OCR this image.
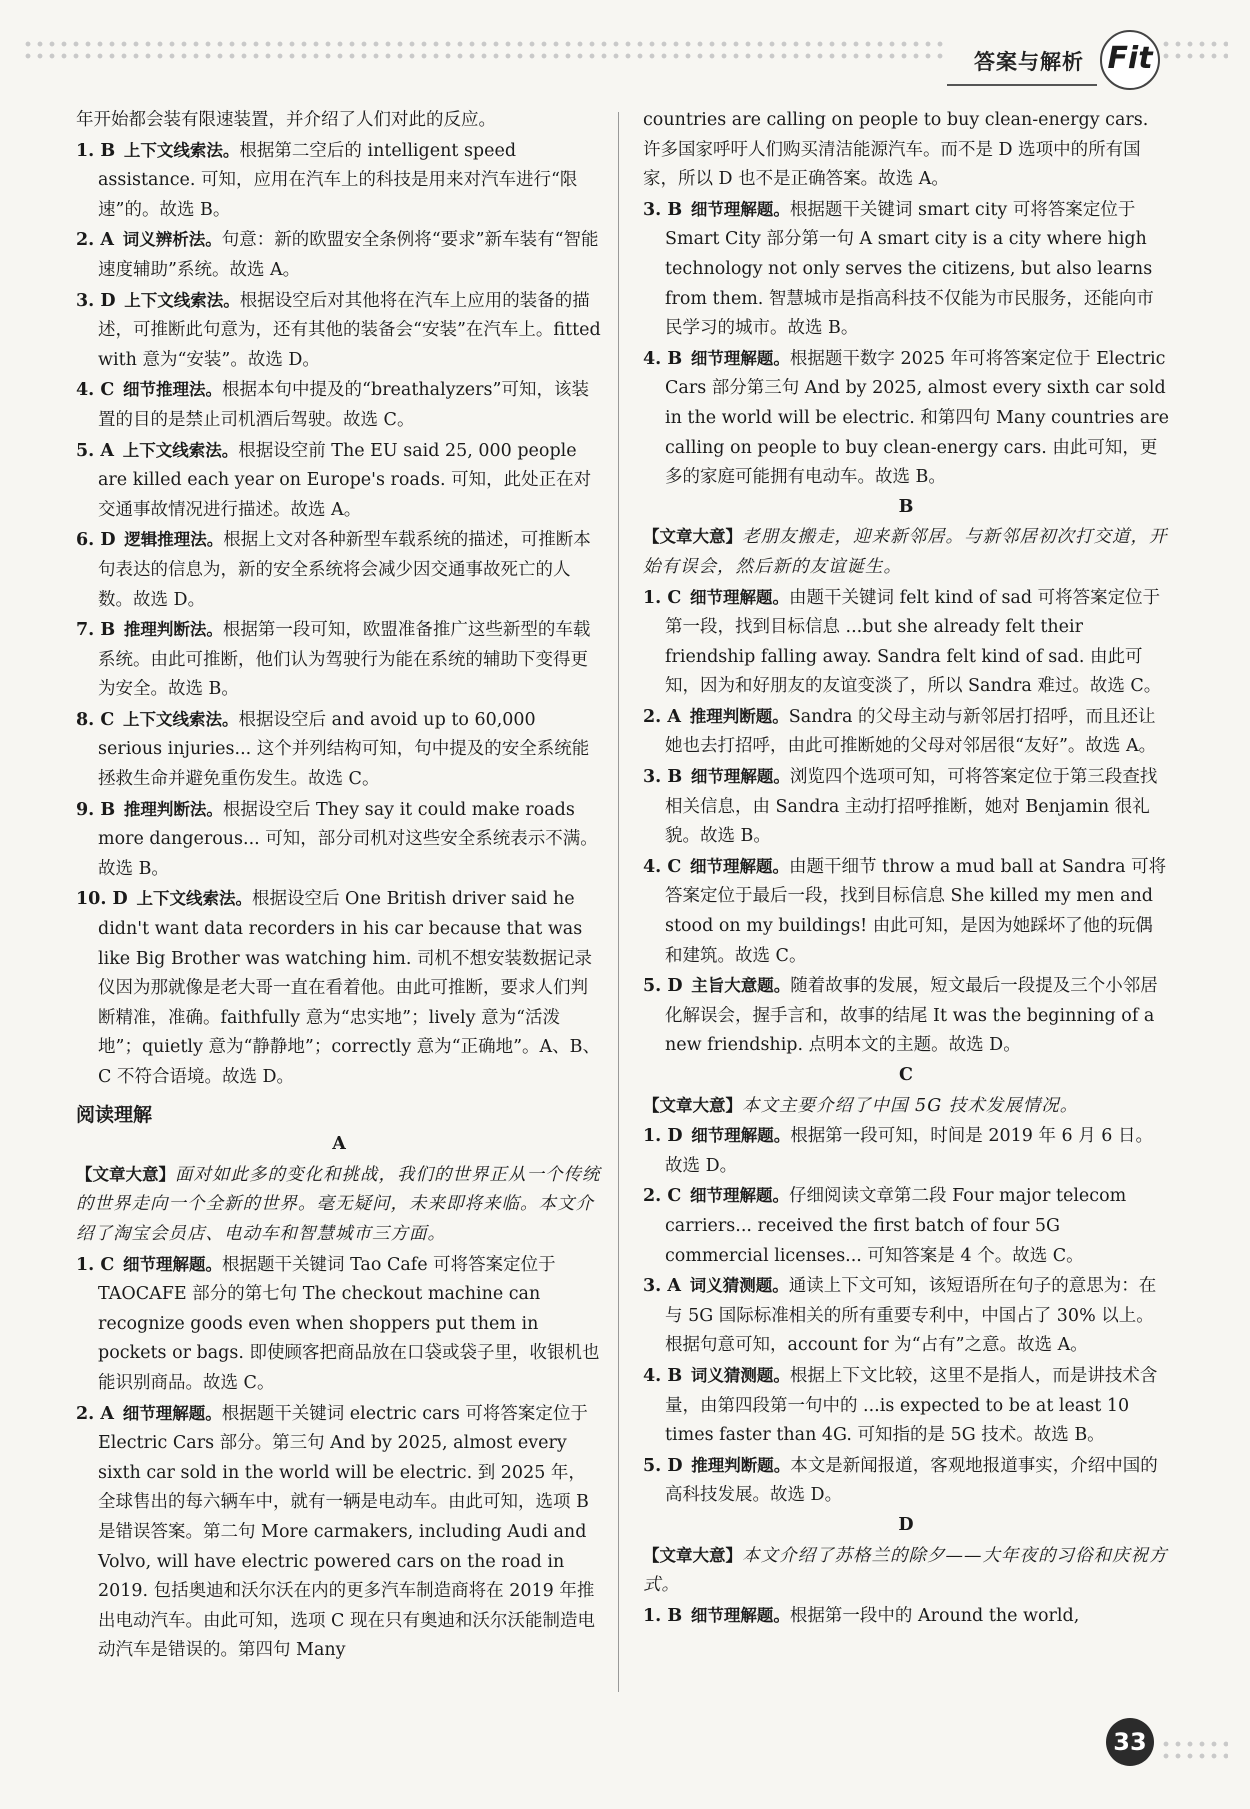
答案与解析 Fit

年开始都会装有限速装置，并介绍了人们对此的反应。

1. B  上下文线索法。根据第二空后的 intelligent speed assistance. 可知，应用在汽车上的科技是用来对汽车进行“限速”的。故选 B。

2. A  词义辨析法。句意：新的欧盟安全条例将“要求”新车装有“智能速度辅助”系统。故选 A。

3. D  上下文线索法。根据设空后对其他将在汽车上应用的装备的描述，可推断此句意为，还有其他的装备会“安装”在汽车上。fitted with 意为“安装”。故选 D。

4. C  细节推理法。根据本句中提及的“breathalyzers”可知，该装置的目的是禁止司机酒后驾驶。故选 C。

5. A  上下文线索法。根据设空前 The EU said 25, 000 people are killed each year on Europe's roads. 可知，此处正在对交通事故情况进行描述。故选 A。

6. D  逻辑推理法。根据上文对各种新型车载系统的描述，可推断本句表达的信息为，新的安全系统将会减少因交通事故死亡的人数。故选 D。

7. B  推理判断法。根据第一段可知，欧盟准备推广这些新型的车载系统。由此可推断，他们认为驾驶行为能在系统的辅助下变得更为安全。故选 B。

8. C  上下文线索法。根据设空后 and avoid up to 60,000 serious injuries... 这个并列结构可知，句中提及的安全系统能拯救生命并避免重伤发生。故选 C。

9. B  推理判断法。根据设空后 They say it could make roads more dangerous... 可知，部分司机对这些安全系统表示不满。故选 B。

10. D  上下文线索法。根据设空后 One British driver said he didn't want data recorders in his car because that was like Big Brother was watching him. 司机不想安装数据记录仪因为那就像是老大哥一直在看着他。由此可推断，要求人们判断精准，准确。faithfully 意为“忠实地”；lively 意为“活泼地”；quietly 意为“静静地”；correctly 意为“正确地”。A、B、C 不符合语境。故选 D。

阅读理解

A

【文章大意】面对如此多的变化和挑战，我们的世界正从一个传统的世界走向一个全新的世界。毫无疑问，未来即将来临。本文介绍了淘宝会员店、电动车和智慧城市三方面。

1. C  细节理解题。根据题干关键词 Tao Cafe 可将答案定位于 TAOCAFE 部分的第七句 The checkout machine can recognize goods even when shoppers put them in pockets or bags. 即使顾客把商品放在口袋或袋子里，收银机也能识别商品。故选 C。

2. A  细节理解题。根据题干关键词 electric cars 可将答案定位于 Electric Cars 部分。第三句 And by 2025, almost every sixth car sold in the world will be electric. 到 2025 年，全球售出的每六辆车中，就有一辆是电动车。由此可知，选项 B 是错误答案。第二句 More carmakers, including Audi and Volvo, will have electric powered cars on the road in 2019. 包括奥迪和沃尔沃在内的更多汽车制造商将在 2019 年推出电动汽车。由此可知，选项 C 现在只有奥迪和沃尔沃能制造电动汽车是错误的。第四句 Many

countries are calling on people to buy clean-energy cars. 许多国家呼吁人们购买清洁能源汽车。而不是 D 选项中的所有国家，所以 D 也不是正确答案。故选 A。

3. B  细节理解题。根据题干关键词 smart city 可将答案定位于 Smart City 部分第一句 A smart city is a city where high technology not only serves the citizens, but also learns from them. 智慧城市是指高科技不仅能为市民服务，还能向市民学习的城市。故选 B。

4. B  细节理解题。根据题干数字 2025 年可将答案定位于 Electric Cars 部分第三句 And by 2025, almost every sixth car sold in the world will be electric. 和第四句 Many countries are calling on people to buy clean-energy cars. 由此可知，更多的家庭可能拥有电动车。故选 B。

B

【文章大意】老朋友搬走，迎来新邻居。与新邻居初次打交道，开始有误会，然后新的友谊诞生。

1. C  细节理解题。由题干关键词 felt kind of sad 可将答案定位于第一段，找到目标信息 ...but she already felt their friendship falling away. Sandra felt kind of sad. 由此可知，因为和好朋友的友谊变淡了，所以 Sandra 难过。故选 C。

2. A  推理判断题。Sandra 的父母主动与新邻居打招呼，而且还让她也去打招呼，由此可推断她的父母对邻居很“友好”。故选 A。

3. B  细节理解题。浏览四个选项可知，可将答案定位于第三段查找相关信息，由 Sandra 主动打招呼推断，她对 Benjamin 很礼貌。故选 B。

4. C  细节理解题。由题干细节 throw a mud ball at Sandra 可将答案定位于最后一段，找到目标信息 She killed my men and stood on my buildings! 由此可知，是因为她踩坏了他的玩偶和建筑。故选 C。

5. D  主旨大意题。随着故事的发展，短文最后一段提及三个小邻居化解误会，握手言和，故事的结尾 It was the beginning of a new friendship. 点明本文的主题。故选 D。

C

【文章大意】本文主要介绍了中国 5G 技术发展情况。

1. D  细节理解题。根据第一段可知，时间是 2019 年 6 月 6 日。故选 D。

2. C  细节理解题。仔细阅读文章第二段 Four major telecom carriers... received the first batch of four 5G commercial licenses... 可知答案是 4 个。故选 C。

3. A  词义猜测题。通读上下文可知，该短语所在句子的意思为：在与 5G 国际标准相关的所有重要专利中，中国占了 30% 以上。根据句意可知，account for 为“占有”之意。故选 A。

4. B  词义猜测题。根据上下文比较，这里不是指人，而是讲技术含量，由第四段第一句中的 ...is expected to be at least 10 times faster than 4G. 可知指的是 5G 技术。故选 B。

5. D  推理判断题。本文是新闻报道，客观地报道事实，介绍中国的高科技发展。故选 D。

D

【文章大意】本文介绍了苏格兰的除夕——大年夜的习俗和庆祝方式。

1. B  细节理解题。根据第一段中的 Around the world,

33
